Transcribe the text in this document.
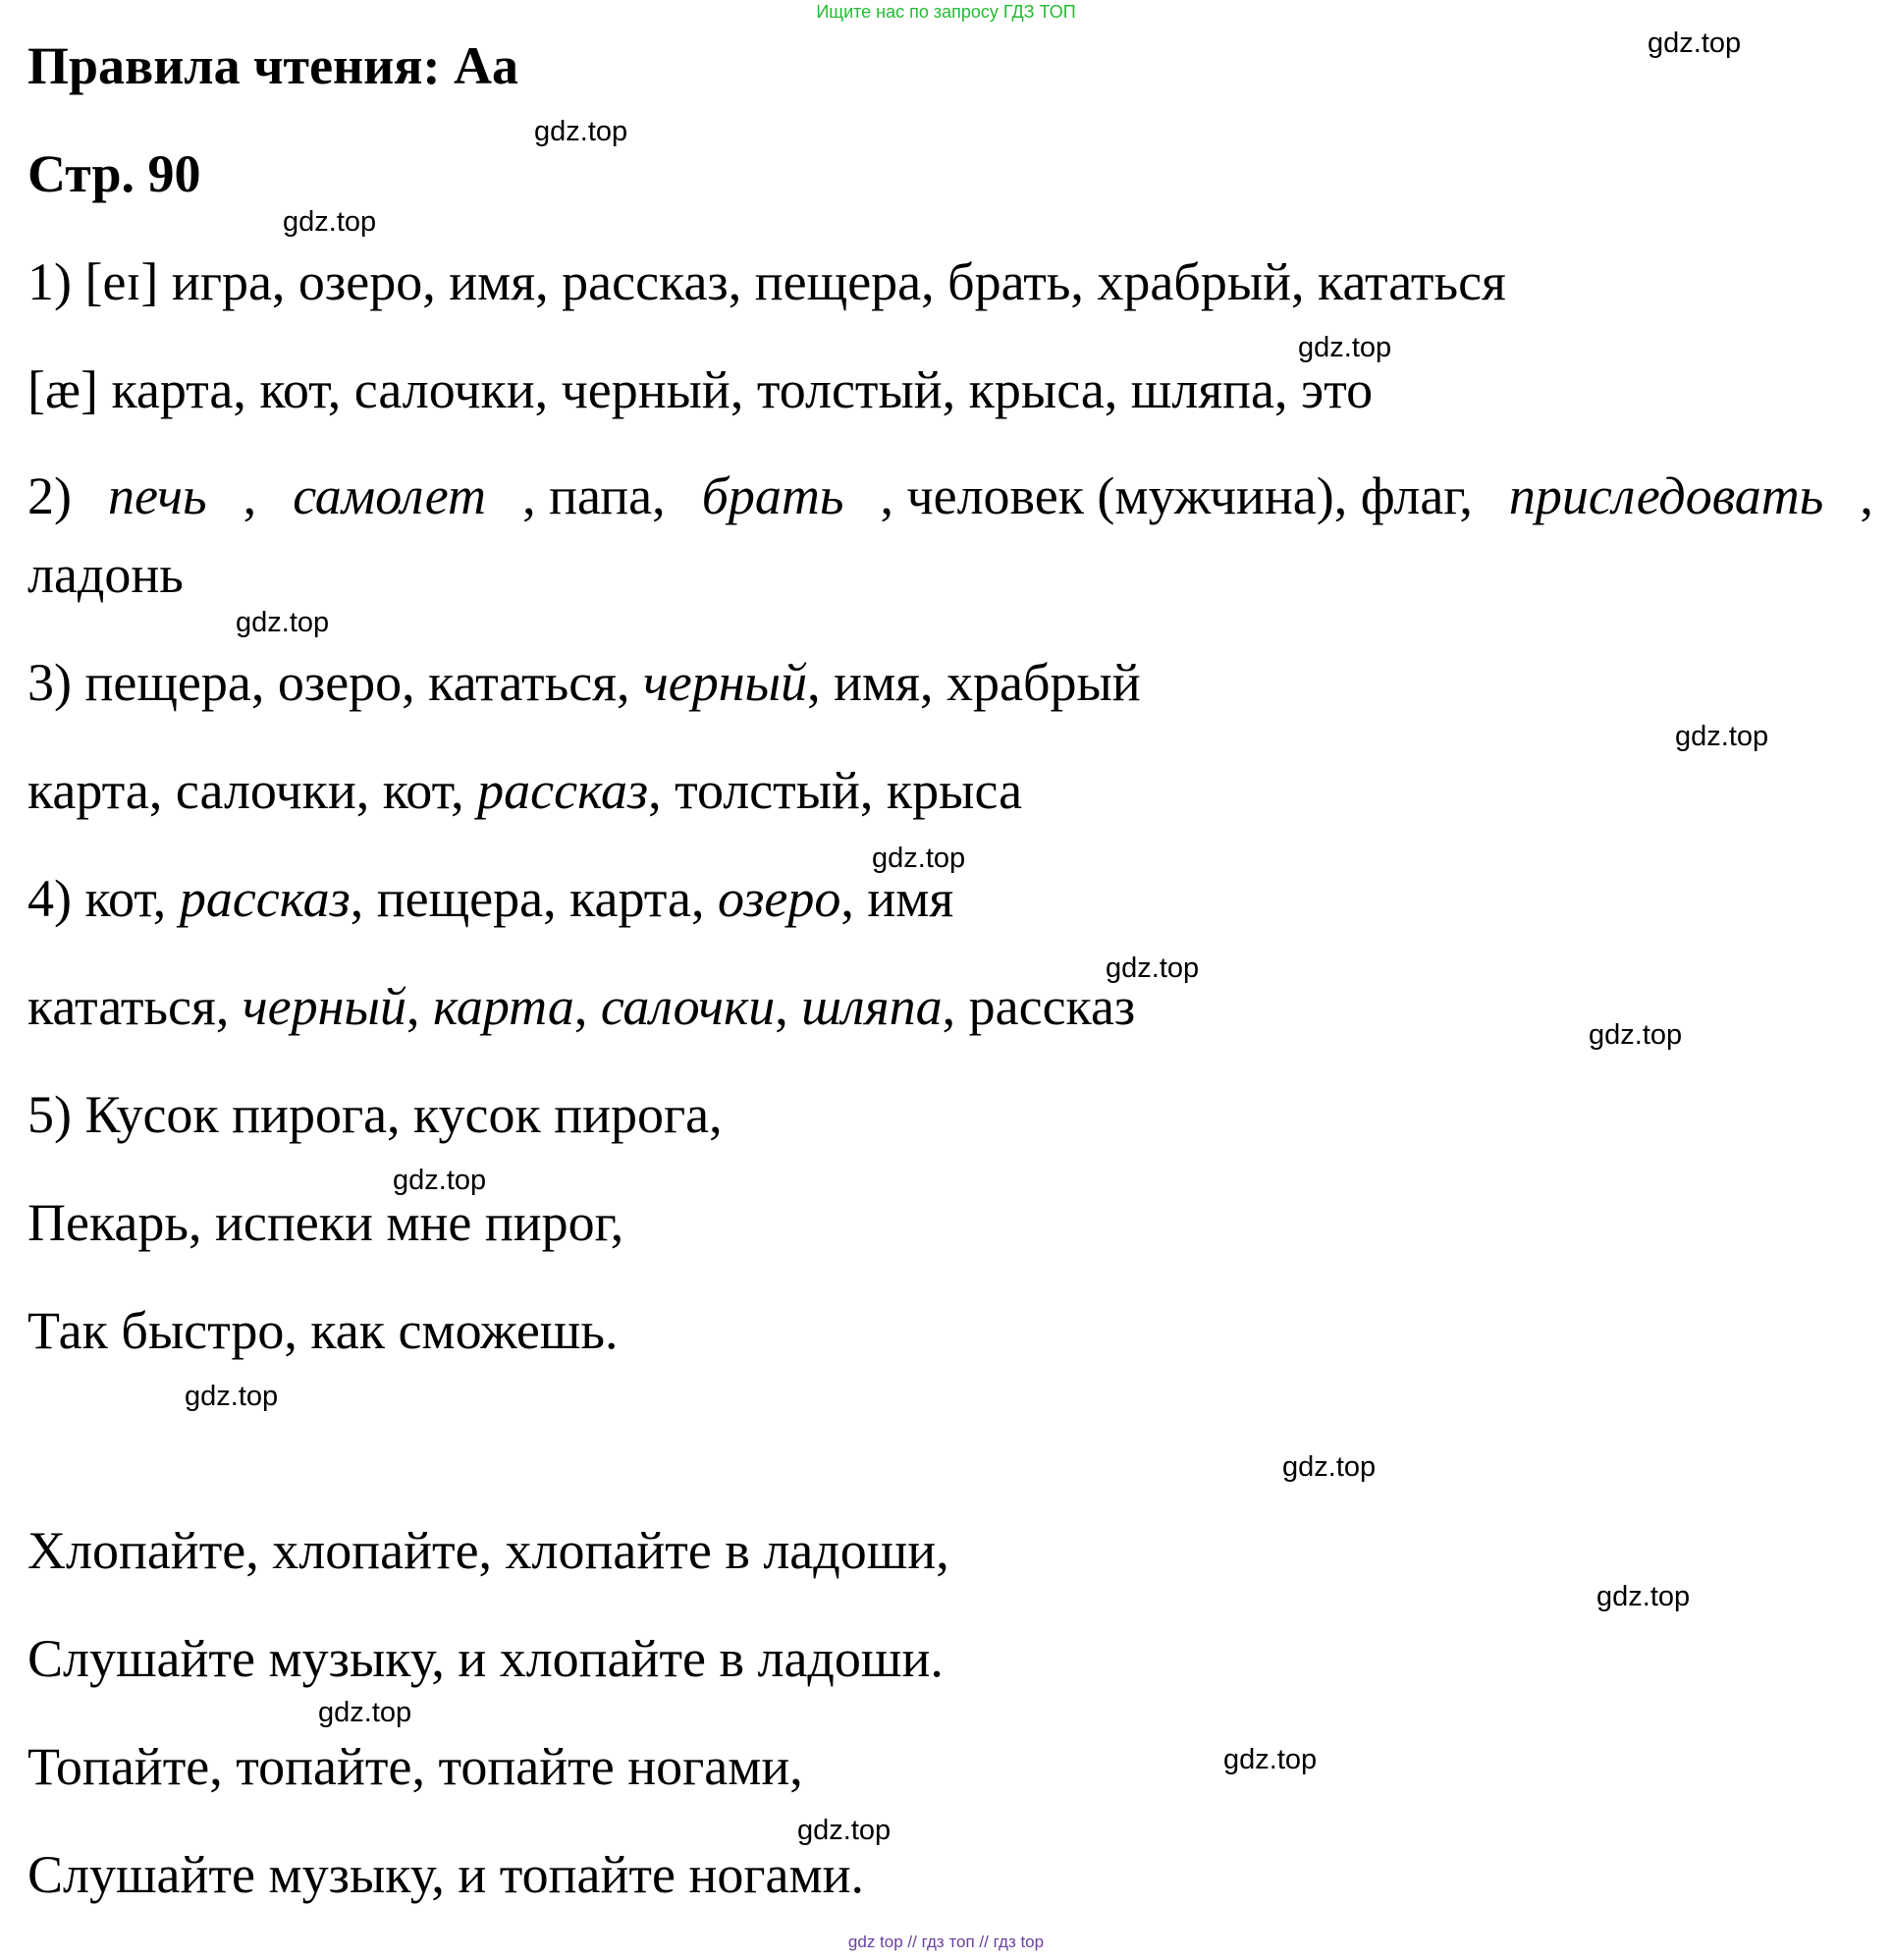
Ищите нас по запросу ГДЗ ТОП
Правила чтения: Aa
Стр. 90

1) [eɪ] игра, озеро, имя, рассказ, пещера, брать, храбрый, кататься

[æ] карта, кот, салочки, черный, толстый, крыса, шляпа, это

2) печь , самолет , папа, брать , человек (мужчина), флаг, приследовать ,

ладонь

3) пещера, озеро, кататься, черный, имя, храбрый

карта, салочки, кот, рассказ, толстый, крыса

4) кот, рассказ, пещера, карта, озеро, имя

кататься, черный, карта, салочки, шляпа, рассказ

5) Кусок пирога, кусок пирога,

Пекарь, испеки мне пирог,

Так быстро, как сможешь.

Хлопайте, хлопайте, хлопайте в ладоши,

Слушайте музыку, и хлопайте в ладоши.

Топайте, топайте, топайте ногами,

Слушайте музыку, и топайте ногами.

gdz.top
gdz.top
gdz.top
gdz.top
gdz.top
gdz.top
gdz.top
gdz.top
gdz.top
gdz.top
gdz.top
gdz.top
gdz.top
gdz.top
gdz.top
gdz.top
gdz top // гдз топ // гдз top
